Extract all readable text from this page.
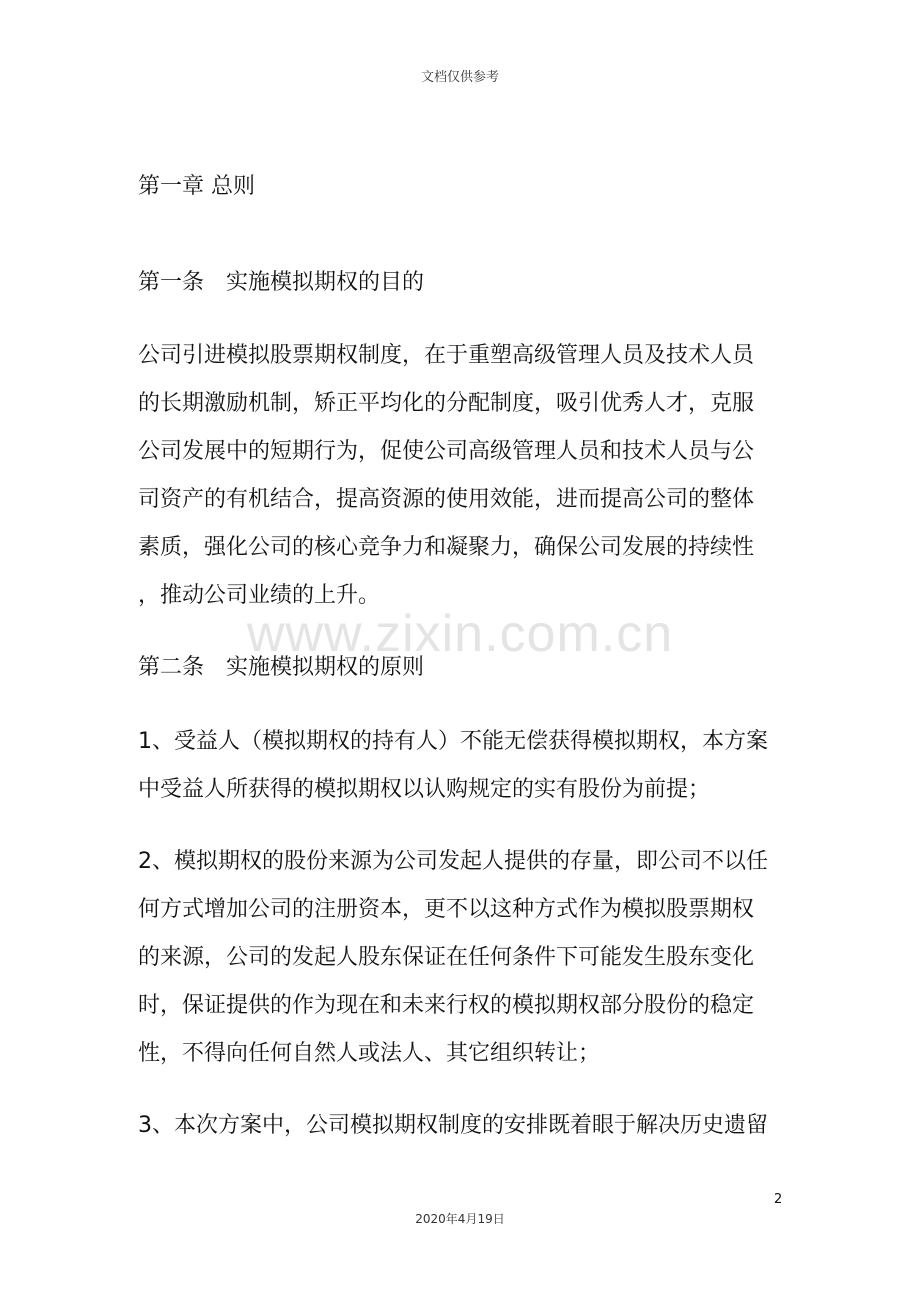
文档仅供参考
www.zixin.com.cn
第一章 总则
第一条　实施模拟期权的目的
公司引进模拟股票期权制度，在于重塑高级管理人员及技术人员
的长期激励机制，矫正平均化的分配制度，吸引优秀人才，克服
公司发展中的短期行为，促使公司高级管理人员和技术人员与公
司资产的有机结合，提高资源的使用效能，进而提高公司的整体
素质，强化公司的核心竞争力和凝聚力，确保公司发展的持续性
，推动公司业绩的上升。
第二条　实施模拟期权的原则
1、受益人（模拟期权的持有人）不能无偿获得模拟期权，本方案
中受益人所获得的模拟期权以认购规定的实有股份为前提；
2、模拟期权的股份来源为公司发起人提供的存量，即公司不以任
何方式增加公司的注册资本，更不以这种方式作为模拟股票期权
的来源，公司的发起人股东保证在任何条件下可能发生股东变化
时，保证提供的作为现在和未来行权的模拟期权部分股份的稳定
性，不得向任何自然人或法人、其它组织转让；
3、本次方案中，公司模拟期权制度的安排既着眼于解决历史遗留
2
2020年4月19日
